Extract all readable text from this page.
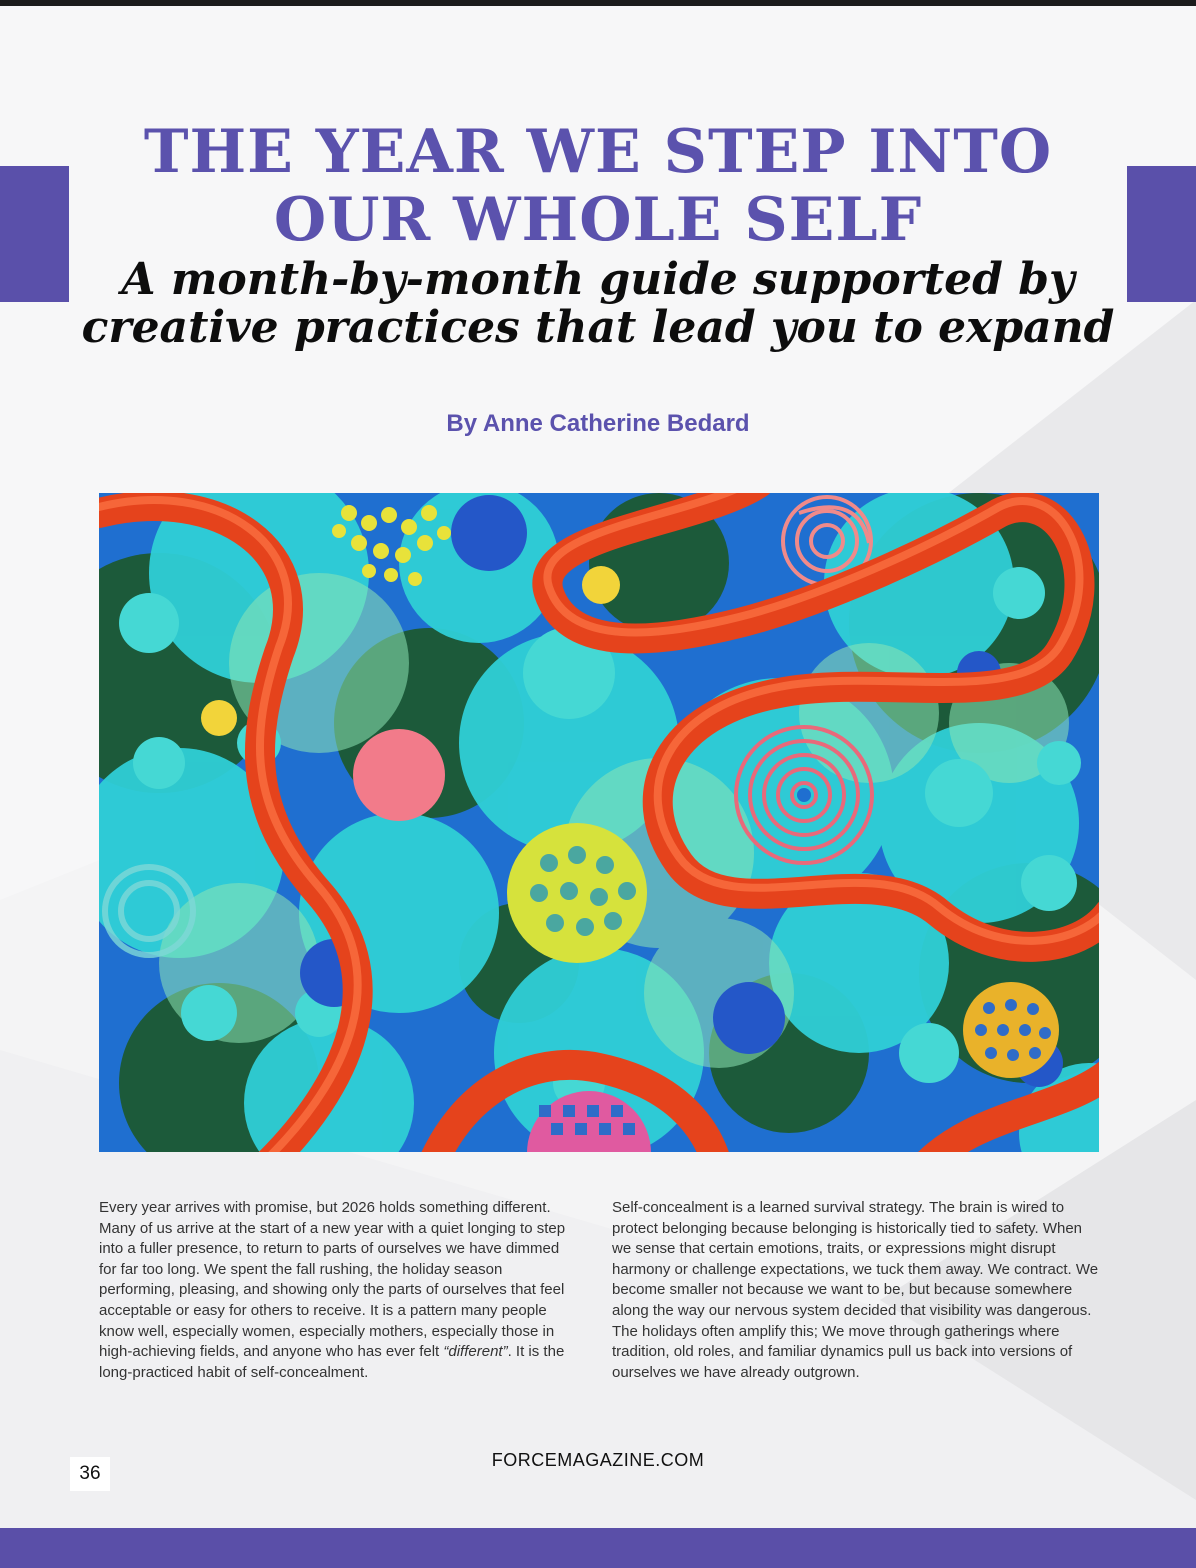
THE YEAR WE STEP INTO
OUR WHOLE SELF
A month-by-month guide supported by
creative practices that lead you to expand

By Anne Catherine Bedard

Every year arrives with promise, but 2026 holds something different. Many of us arrive at the start of a new year with a quiet longing to step into a fuller presence, to return to parts of ourselves we have dimmed for far too long. We spent the fall rushing, the holiday season performing, pleasing, and showing only the parts of ourselves that feel acceptable or easy for others to receive. It is a pattern many people know well, especially women, especially mothers, especially those in high-achieving fields, and anyone who has ever felt “different”. It is the long-practiced habit of self-concealment.

Self-concealment is a learned survival strategy. The brain is wired to protect belonging because belonging is historically tied to safety. When we sense that certain emotions, traits, or expressions might disrupt harmony or challenge expectations, we tuck them away. We contract. We become smaller not because we want to be, but because somewhere along the way our nervous system decided that visibility was dangerous. The holidays often amplify this; We move through gatherings where tradition, old roles, and familiar dynamics pull us back into versions of ourselves we have already outgrown.

FORCEMAGAZINE.COM

36
